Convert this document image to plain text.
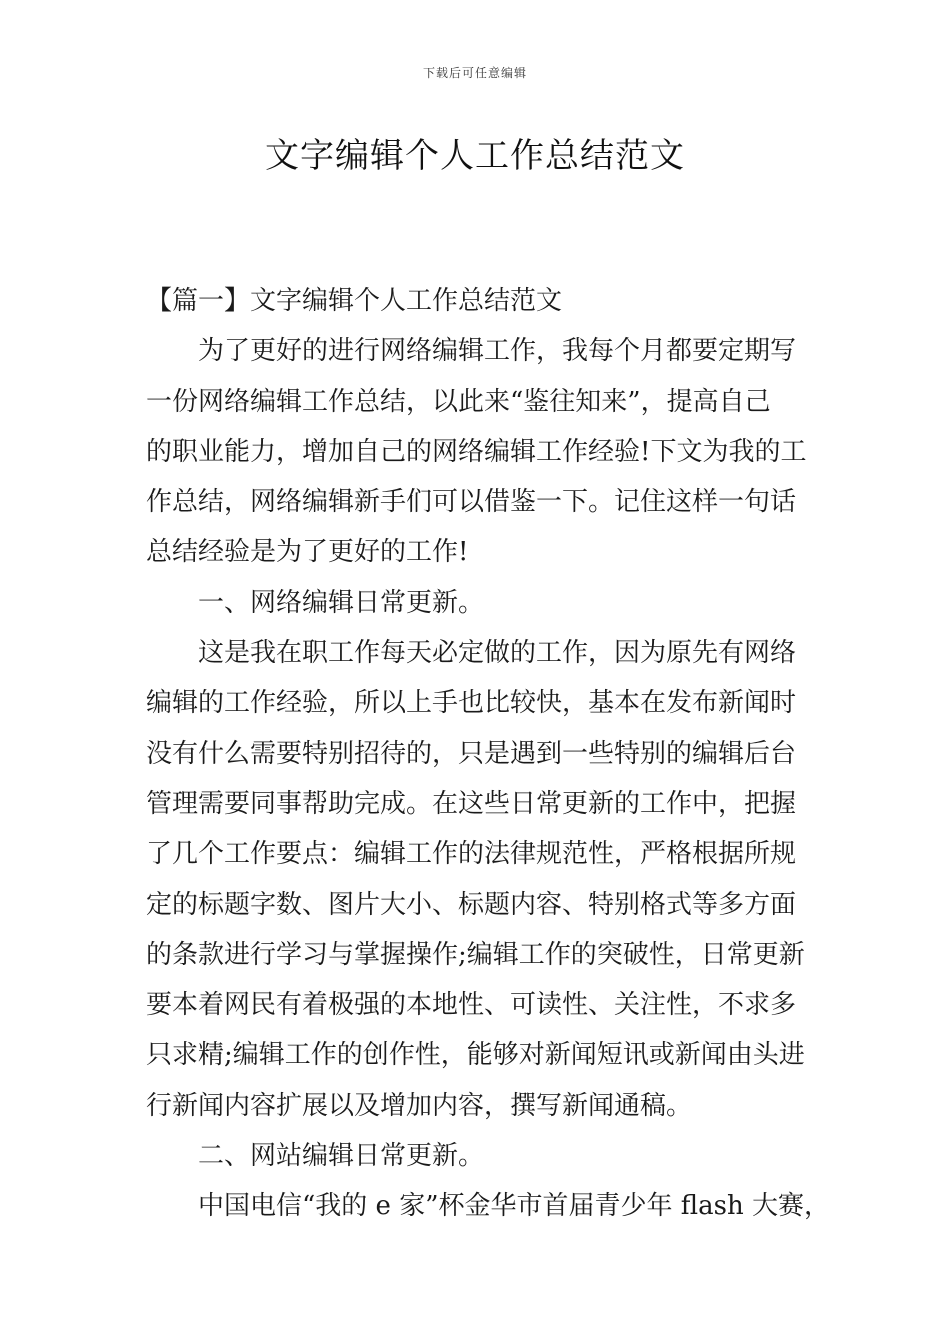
下载后可任意编辑
文字编辑个人工作总结范文
【篇一】文字编辑个人工作总结范文
为了更好的进行网络编辑工作，我每个月都要定期写
一份网络编辑工作总结，以此来“鉴往知来”，提高自己
的职业能力，增加自己的网络编辑工作经验!下文为我的工
作总结，网络编辑新手们可以借鉴一下。记住这样一句话
总结经验是为了更好的工作!
一、网络编辑日常更新。
这是我在职工作每天必定做的工作，因为原先有网络
编辑的工作经验，所以上手也比较快，基本在发布新闻时
没有什么需要特别招待的，只是遇到一些特别的编辑后台
管理需要同事帮助完成。在这些日常更新的工作中，把握
了几个工作要点：编辑工作的法律规范性，严格根据所规
定的标题字数、图片大小、标题内容、特别格式等多方面
的条款进行学习与掌握操作;编辑工作的突破性，日常更新
要本着网民有着极强的本地性、可读性、关注性，不求多
只求精;编辑工作的创作性，能够对新闻短讯或新闻由头进
行新闻内容扩展以及增加内容，撰写新闻通稿。
二、网站编辑日常更新。
中国电信“我的 e 家”杯金华市首届青少年 flash 大赛，
